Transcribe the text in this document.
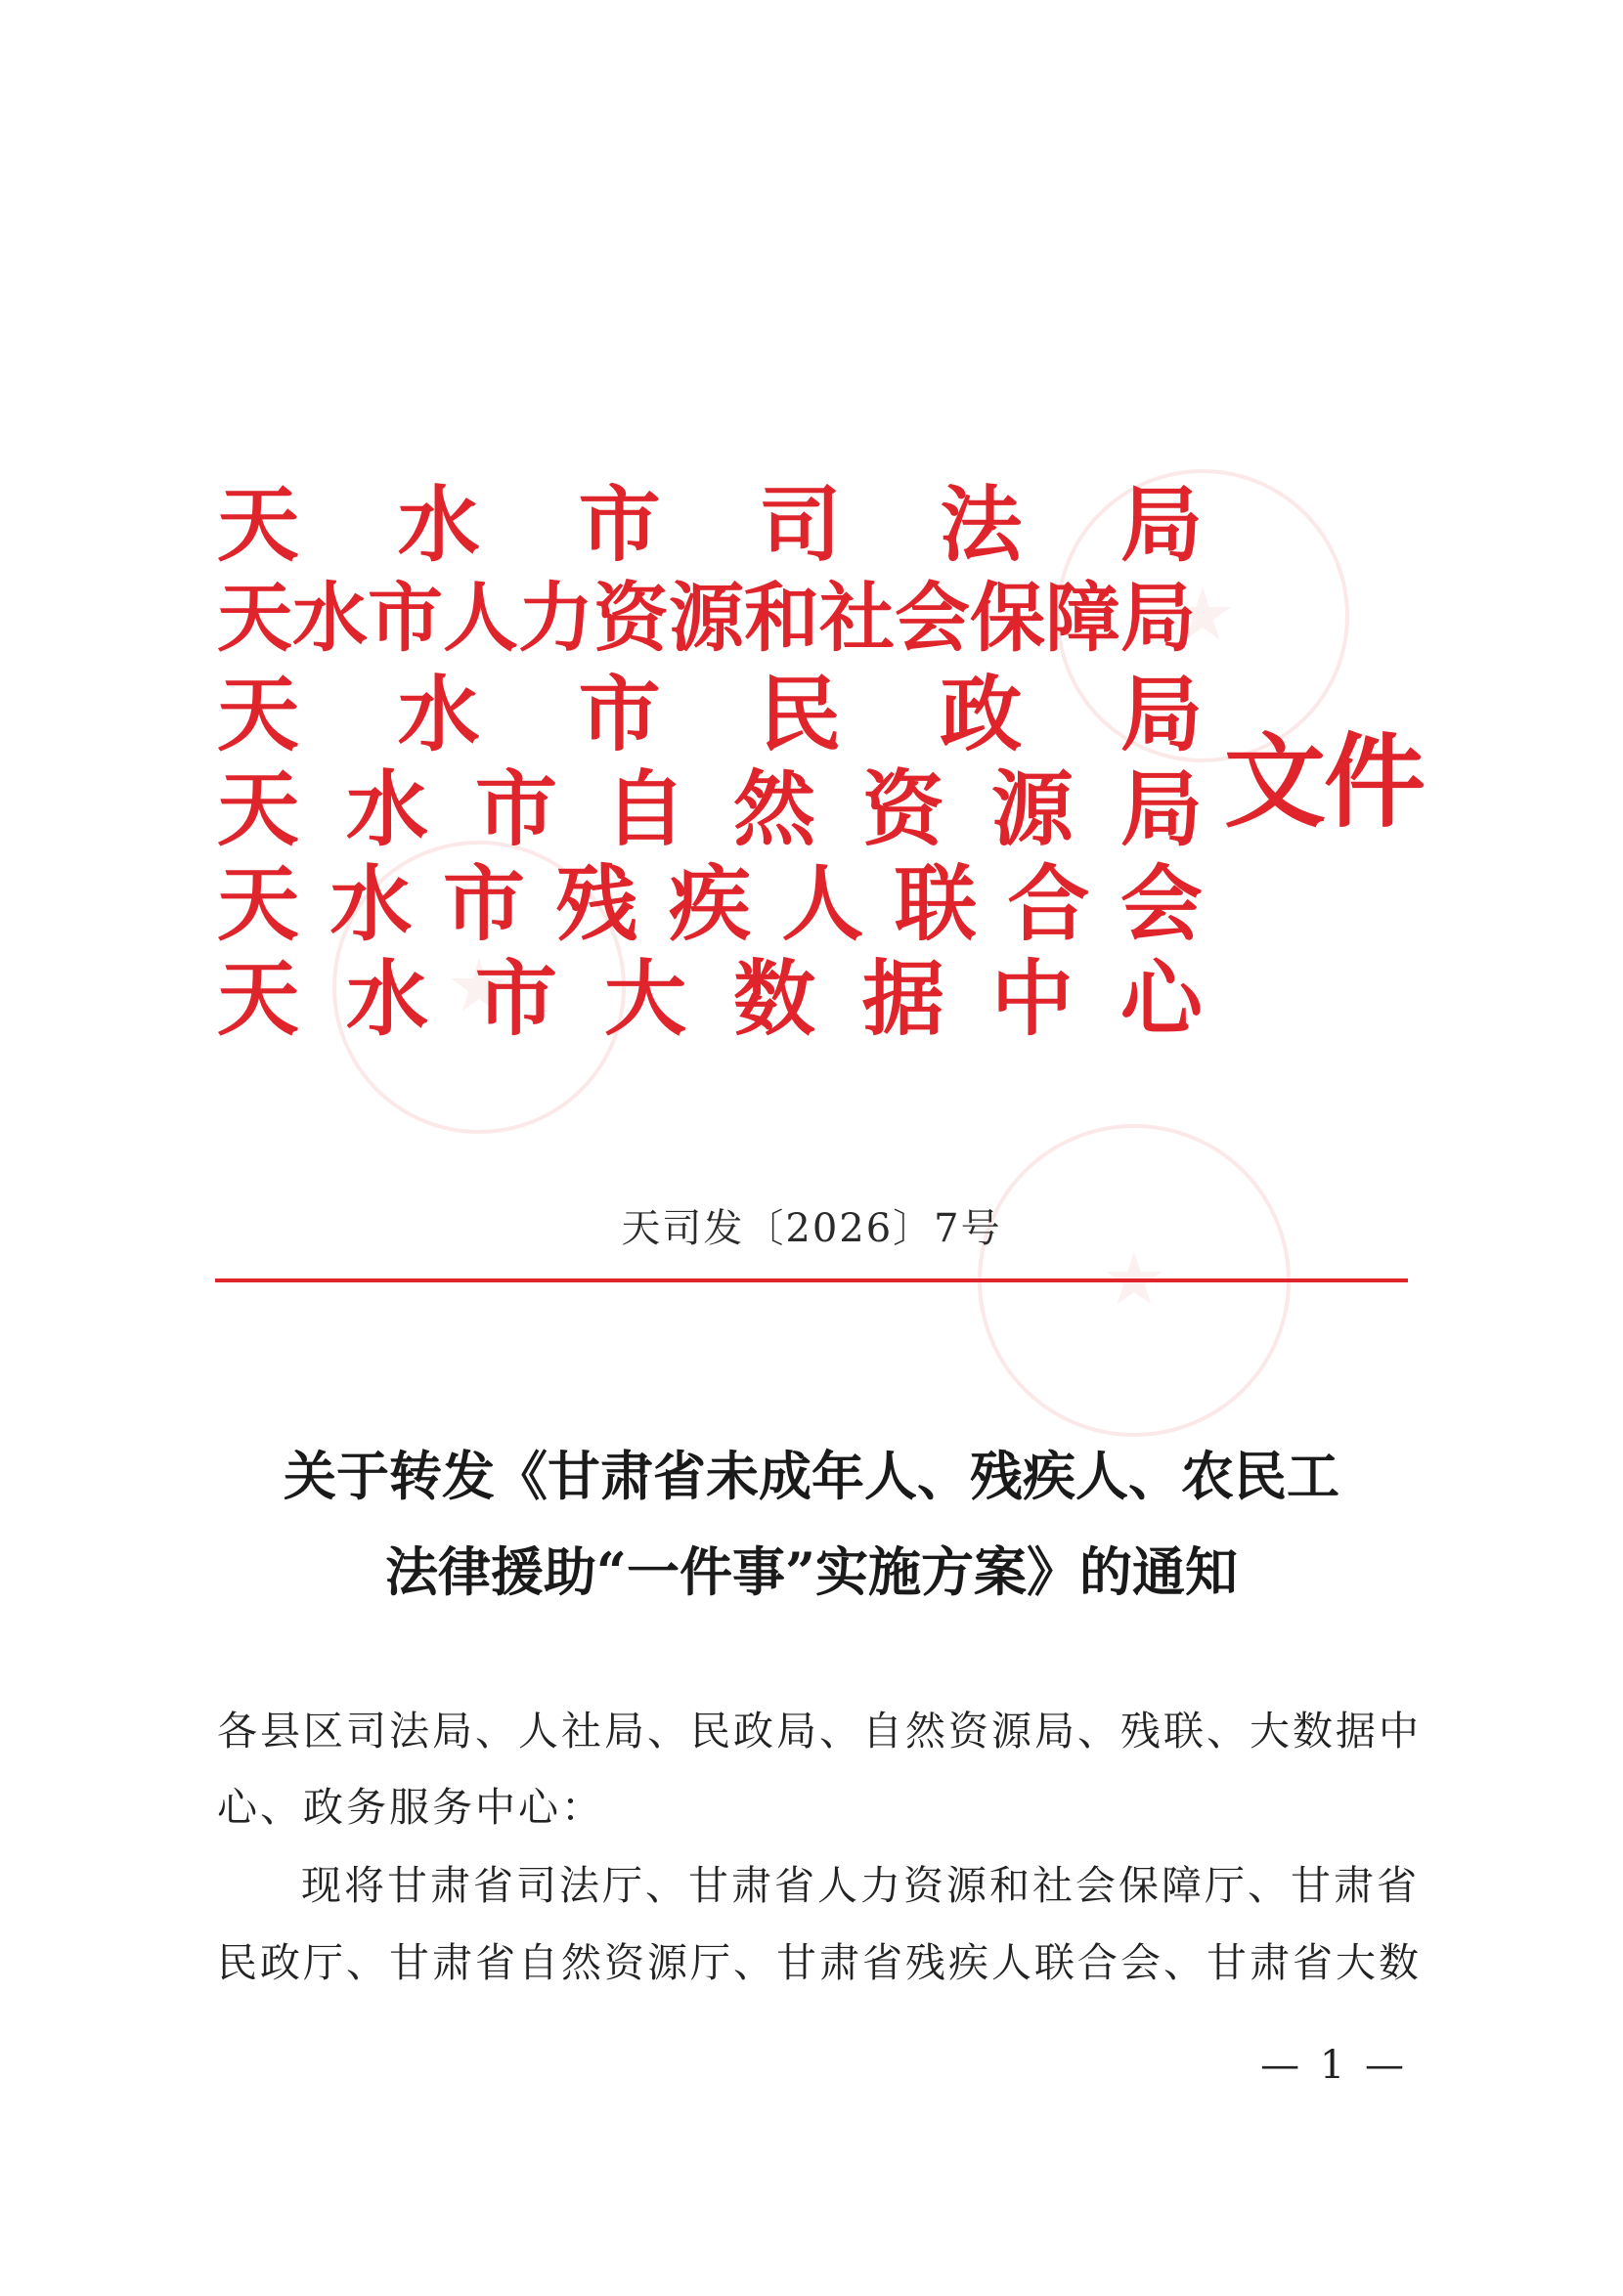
天 水 市 司 法 局
天水市人力资源和社会保障局
天 水 市 民 政 局
天 水 市 自 然 资 源 局
天 水 市 残 疾 人 联 合 会
天 水 市 大 数 据 中 心
文件
天司发〔2026〕7号
关于转发《甘肃省未成年人、残疾人、农民工
法律援助“一件事”实施方案》的通知
各县区司法局、人社局、民政局、自然资源局、残联、大数据中
心、政务服务中心：
现将甘肃省司法厅、甘肃省人力资源和社会保障厅、甘肃省
民政厅、甘肃省自然资源厅、甘肃省残疾人联合会、甘肃省大数
— 1 —
